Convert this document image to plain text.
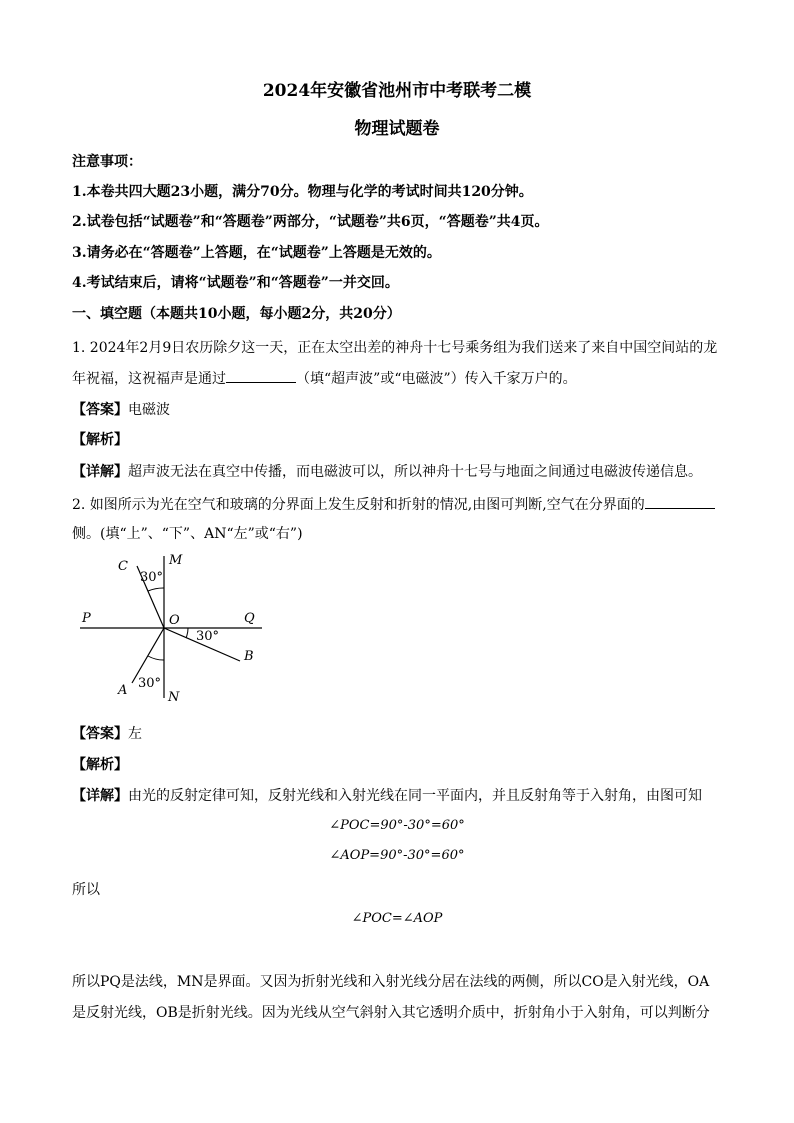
2024年安徽省池州市中考联考二模
物理试题卷
注意事项：
1.本卷共四大题23小题，满分70分。物理与化学的考试时间共120分钟。
2.试卷包括“试题卷”和“答题卷”两部分，“试题卷”共6页，“答题卷”共4页。
3.请务必在“答题卷”上答题，在“试题卷”上答题是无效的。
4.考试结束后，请将“试题卷”和“答题卷”一并交回。
一、填空题（本题共10小题，每小题2分，共20分）
1. 2024年2月9日农历除夕这一天，正在太空出差的神舟十七号乘务组为我们送来了来自中国空间站的龙
年祝福，这祝福声是通过	（填“超声波”或“电磁波”）传入千家万户的。
【答案】电磁波
【解析】
【详解】超声波无法在真空中传播，而电磁波可以，所以神舟十七号与地面之间通过电磁波传递信息。
2. 如图所示为光在空气和玻璃的分界面上发生反射和折射的情况,由图可判断,空气在分界面的
侧。(填“上”、“下”、AN“左”或“右”)
C	M
P	O	Q
B
A	N
30°
30°
30°
【答案】左
【解析】
【详解】由光的反射定律可知，反射光线和入射光线在同一平面内，并且反射角等于入射角，由图可知
∠POC=90°-30°=60°
∠AOP=90°-30°=60°
所以
∠POC=∠AOP
所以PQ是法线，MN是界面。又因为折射光线和入射光线分居在法线的两侧，所以CO是入射光线，OA
是反射光线，OB是折射光线。因为光线从空气斜射入其它透明介质中，折射角小于入射角，可以判断分
